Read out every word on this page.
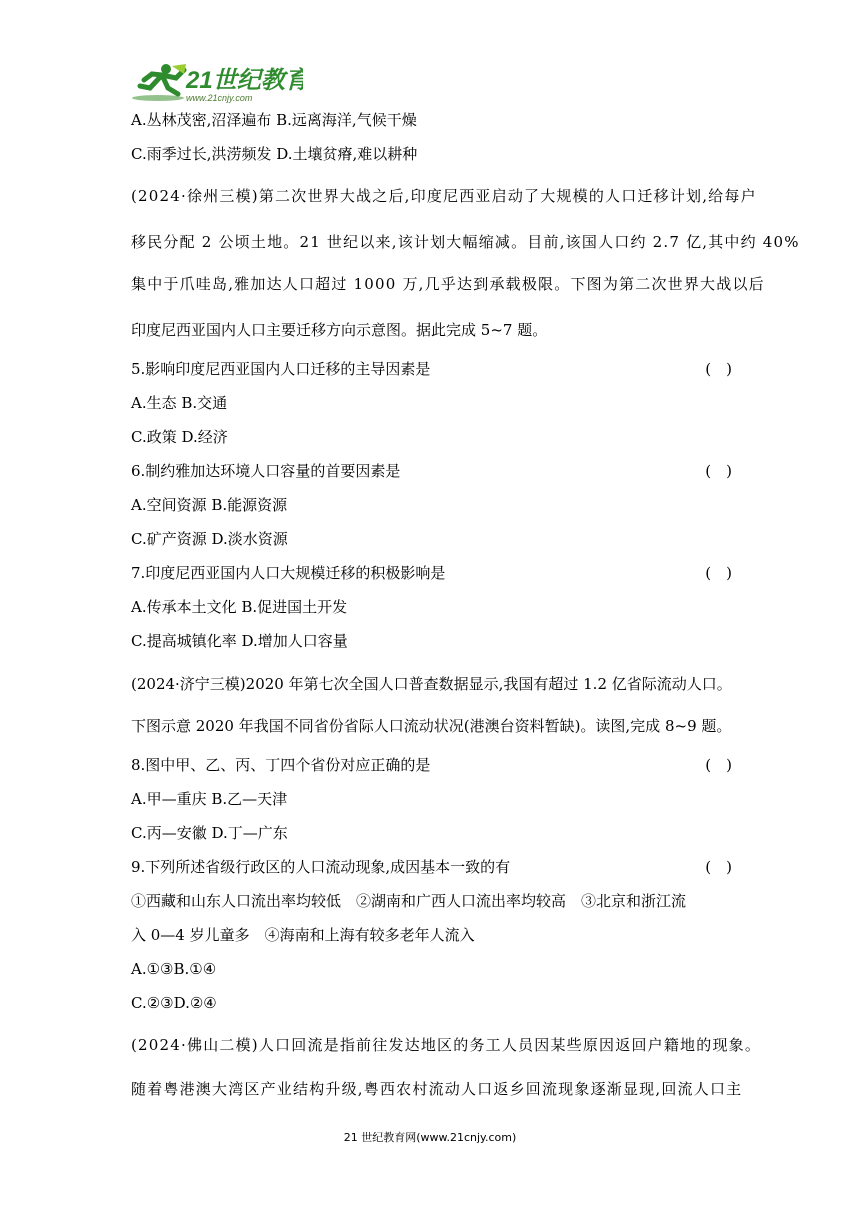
21世纪教育
www.21cnjy.com
A.丛林茂密,沼泽遍布 B.远离海洋,气候干燥
C.雨季过长,洪涝频发 D.土壤贫瘠,难以耕种
(2024·徐州三模)第二次世界大战之后,印度尼西亚启动了大规模的人口迁移计划,给每户
移民分配 2 公顷土地。21 世纪以来,该计划大幅缩减。目前,该国人口约 2.7 亿,其中约 40%
集中于爪哇岛,雅加达人口超过 1000 万,几乎达到承载极限。下图为第二次世界大战以后
印度尼西亚国内人口主要迁移方向示意图。据此完成 5~7 题。
5.影响印度尼西亚国内人口迁移的主导因素是	(　)
A.生态 B.交通
C.政策 D.经济
6.制约雅加达环境人口容量的首要因素是	(　)
A.空间资源 B.能源资源
C.矿产资源 D.淡水资源
7.印度尼西亚国内人口大规模迁移的积极影响是	(　)
A.传承本土文化 B.促进国土开发
C.提高城镇化率 D.增加人口容量
(2024·济宁三模)2020 年第七次全国人口普查数据显示,我国有超过 1.2 亿省际流动人口。
下图示意 2020 年我国不同省份省际人口流动状况(港澳台资料暂缺)。读图,完成 8~9 题。
8.图中甲、乙、丙、丁四个省份对应正确的是	(　)
A.甲—重庆 B.乙—天津
C.丙—安徽 D.丁—广东
9.下列所述省级行政区的人口流动现象,成因基本一致的有	(　)
①西藏和山东人口流出率均较低　②湖南和广西人口流出率均较高　③北京和浙江流
入 0—4 岁儿童多　④海南和上海有较多老年人流入
A.①③B.①④
C.②③D.②④
(2024·佛山二模)人口回流是指前往发达地区的务工人员因某些原因返回户籍地的现象。
随着粤港澳大湾区产业结构升级,粤西农村流动人口返乡回流现象逐渐显现,回流人口主
21 世纪教育网(www.21cnjy.com)
